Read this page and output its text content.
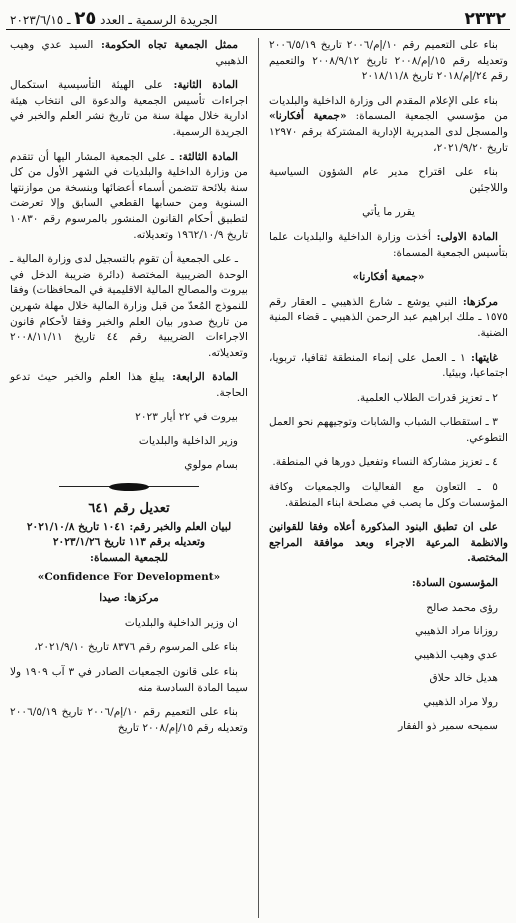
٢٣٣٢
الجريدة الرسمية ـ العدد ٢٥ ـ ٢٠٢٣/٦/١٥

بناء على التعميم رقم ١٠/إم/٢٠٠٦ تاريخ ٢٠٠٦/٥/١٩ وتعديله رقم ١٥/إم/٢٠٠٨ تاريخ ٢٠٠٨/٩/١٢ والتعميم رقم ٢٤/إم/٢٠١٨ تاريخ ٢٠١٨/١١/٨

بناء على الإعلام المقدم الى وزارة الداخلية والبلديات من مؤسسي الجمعية المسماة: «جمعية أفكارنا» والمسجل لدى المديرية الإدارية المشتركة برقم ١٢٩٧٠ تاريخ ٢٠٢١/٩/٢٠،

بناء على اقتراح مدير عام الشؤون السياسية واللاجئين

يقرر ما يأتي

المادة الاولى: أخذت وزارة الداخلية والبلديات علما بتأسيس الجمعية المسماة:

«جمعية أفكارنا»

مركزها: النبي يوشع ـ شارع الذهيبي ـ العقار رقم ١٥٧٥ ـ ملك ابراهيم عبد الرحمن الذهيبي ـ قضاء المنية الضنية.

غايتها: ١ ـ العمل على إنماء المنطقة ثقافيا، تربويا، اجتماعيا، وبيئيا.

٢ ـ تعزيز قدرات الطلاب العلمية.

٣ ـ استقطاب الشباب والشابات وتوجيههم نحو العمل التطوعي.

٤ ـ تعزيز مشاركة النساء وتفعيل دورها في المنطقة.

٥ ـ التعاون مع الفعاليات والجمعيات وكافة المؤسسات وكل ما يصب في مصلحة ابناء المنطقة.

على ان تطبق البنود المذكورة أعلاه وفقا للقوانين والانظمة المرعية الاجراء وبعد موافقة المراجع المختصة.

المؤسسون السادة:

رؤى محمد صالح

روزانا مراد الذهيبي

عدي وهيب الذهيبي

هديل خالد حلاق

رولا مراد الذهيبي

سميحه سمير ذو الفقار

ممثل الجمعية تجاه الحكومة: السيد عدي وهيب الذهيبي

المادة الثانية: على الهيئة التأسيسية استكمال اجراءات تأسيس الجمعية والدعوة الى انتخاب هيئة ادارية خلال مهلة سنة من تاريخ نشر العلم والخبر في الجريدة الرسمية.

المادة الثالثة: ـ على الجمعية المشار اليها أن تتقدم من وزارة الداخلية والبلديات في الشهر الأول من كل سنة بلائحة تتضمن أسماء أعضائها وبنسخة من موازنتها السنوية ومن حسابها القطعي السابق وإلا تعرضت لتطبيق أحكام القانون المنشور بالمرسوم رقم ١٠٨٣٠ تاريخ ١٩٦٢/١٠/٩ وتعديلاته.

ـ على الجمعية أن تقوم بالتسجيل لدى وزارة المالية ـ الوحدة الضريبية المختصة (دائرة ضريبة الدخل في بيروت والمصالح المالية الاقليمية في المحافظات) وفقا للنموذج المُعدّ من قبل وزارة المالية خلال مهلة شهرين من تاريخ صدور بيان العلم والخبر وفقا لأحكام قانون الاجراءات الضريبية رقم ٤٤ تاريخ ٢٠٠٨/١١/١١ وتعديلاته.

المادة الرابعة: يبلغ هذا العلم والخبر حيث تدعو الحاجة.

بيروت في ٢٢ أيار ٢٠٢٣

وزير الداخلية والبلديات

بسام مولوي

تعديل رقم ٦٤١

لبيان العلم والخبر رقم: ١٠٤١ تاريخ ٢٠٢١/١٠/٨

وتعديله برقم ١١٣ تاريخ ٢٠٢٣/١/٢٦

للجمعية المسماة:

«Confidence For Development»

مركزها: صيدا

ان وزير الداخلية والبلديات

بناء على المرسوم رقم ٨٣٧٦ تاريخ ٢٠٢١/٩/١٠،

بناء على قانون الجمعيات الصادر في ٣ آب ١٩٠٩ ولا سيما المادة السادسة منه

بناء على التعميم رقم ١٠/إم/٢٠٠٦ تاريخ ٢٠٠٦/٥/١٩ وتعديله رقم ١٥/إم/٢٠٠٨ تاريخ
